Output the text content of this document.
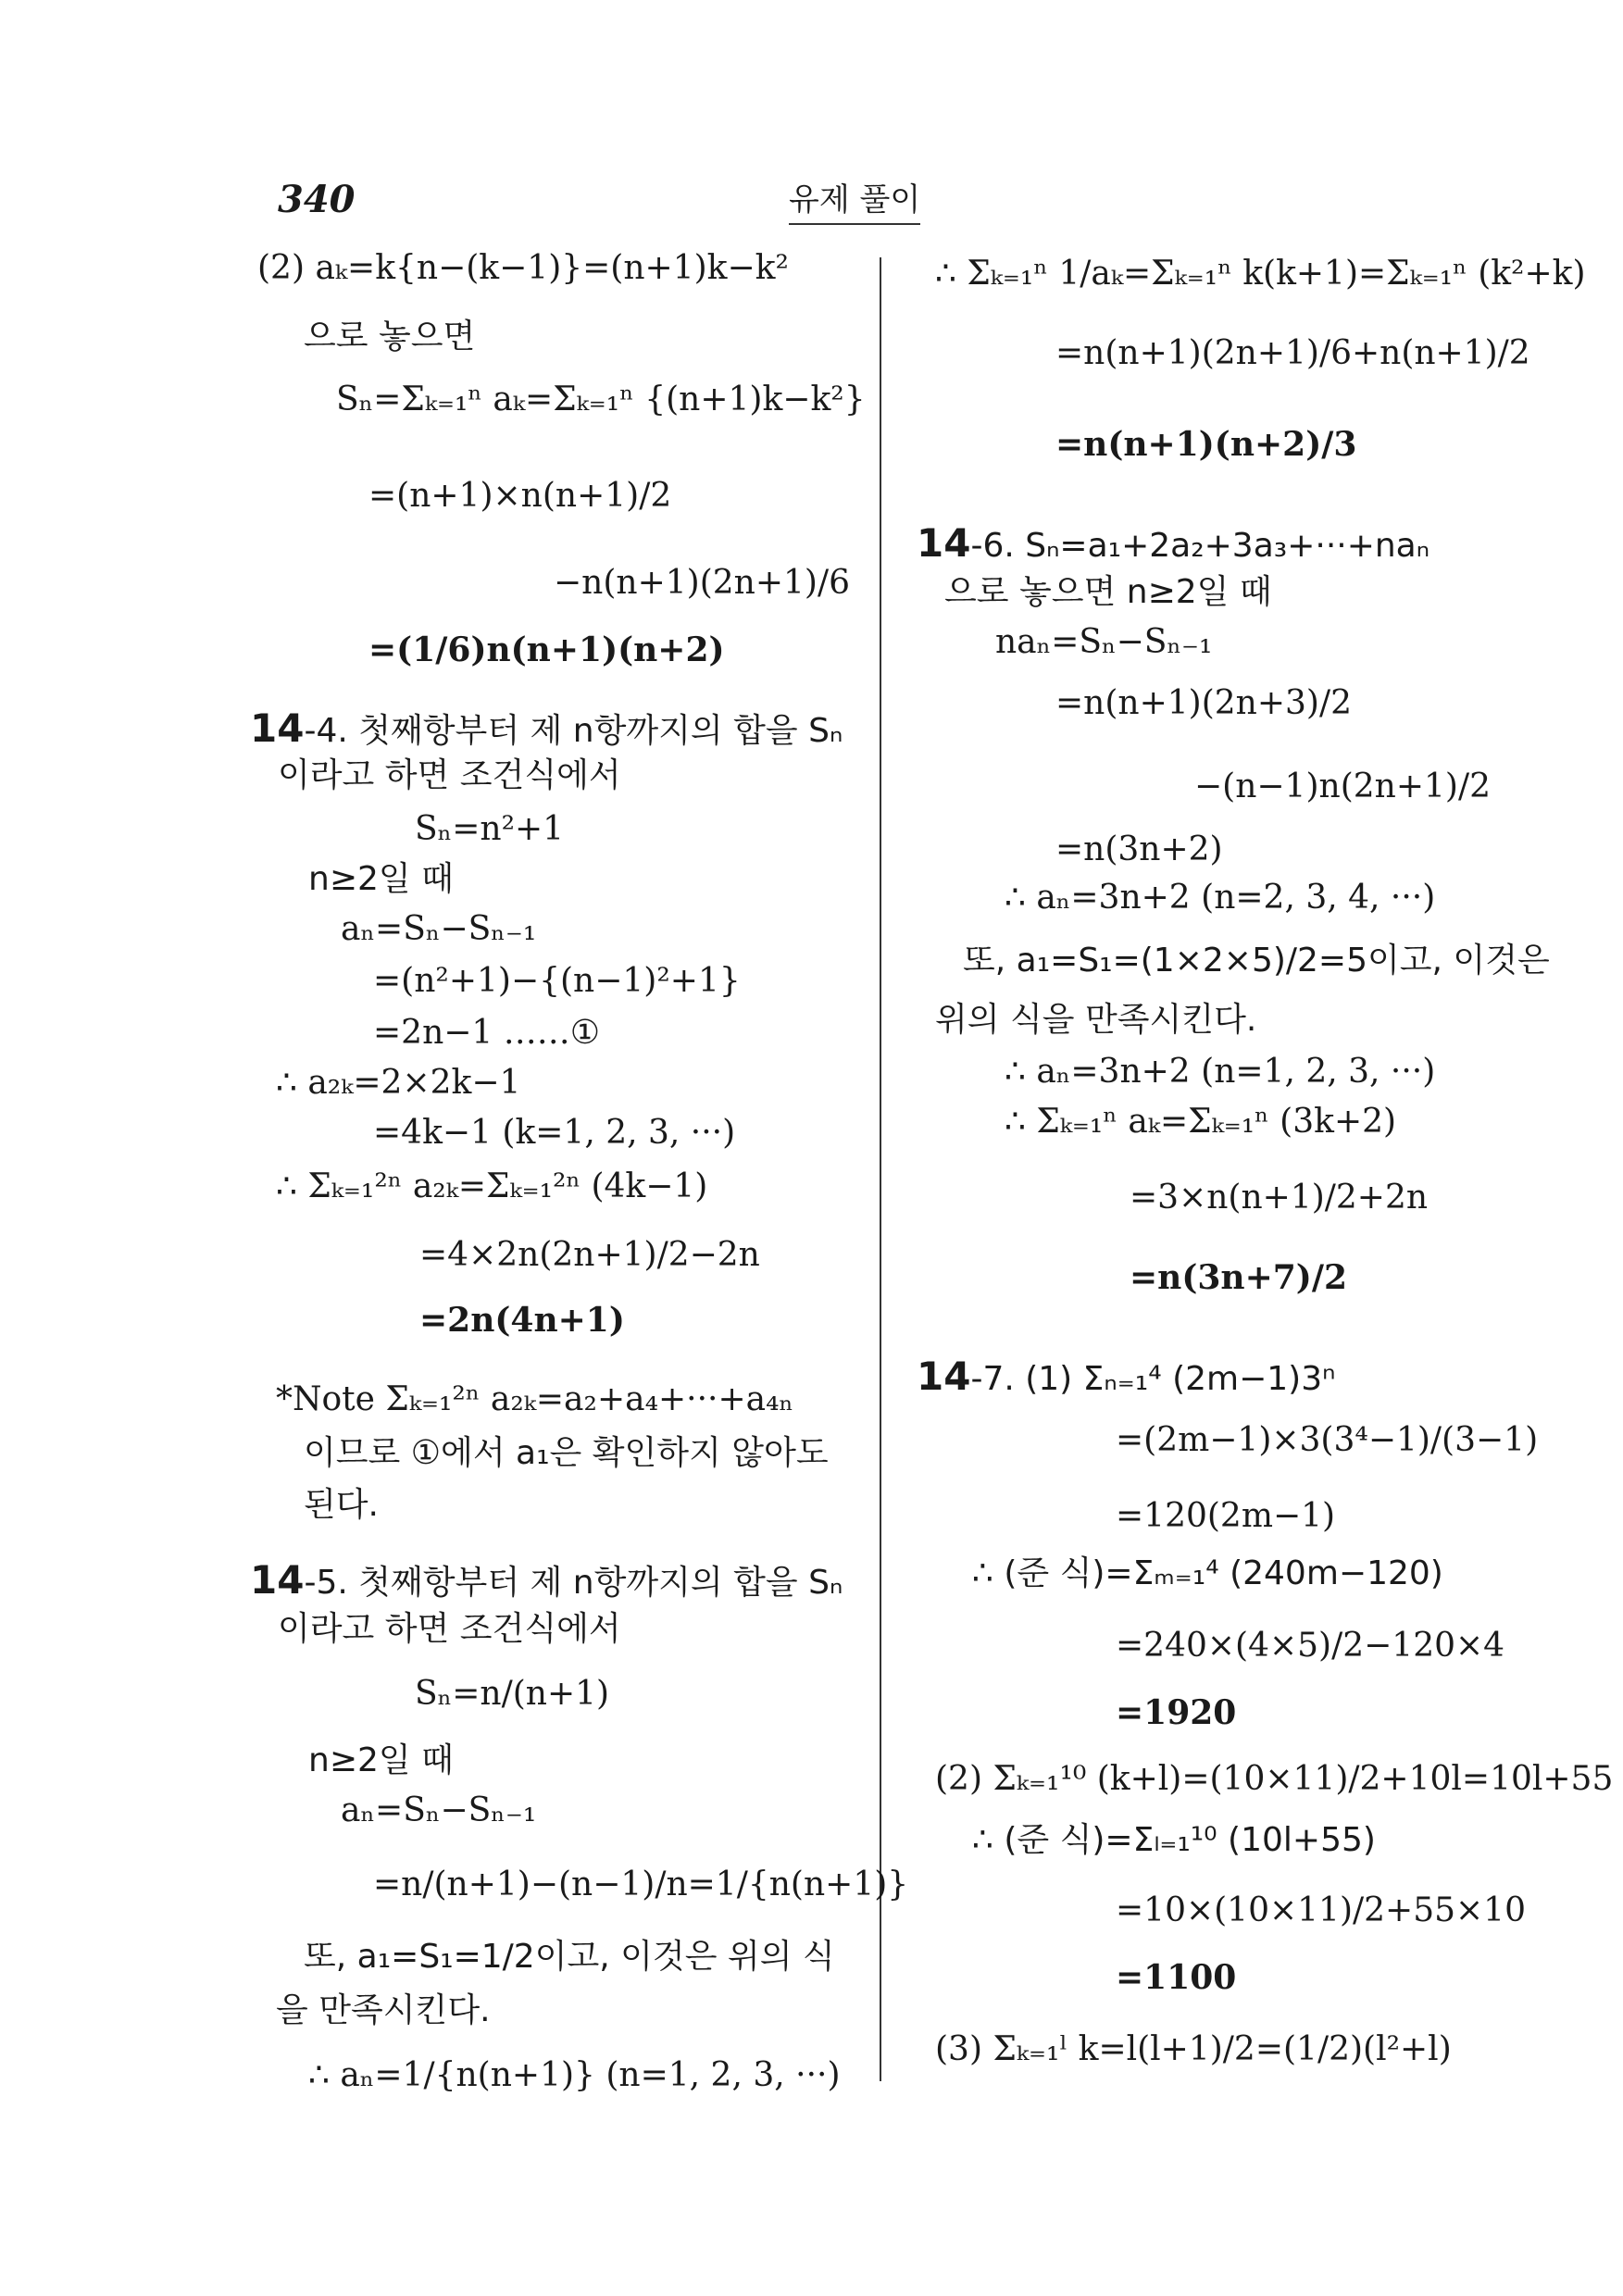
340	유제 풀이
(2) aₖ=k{n−(k−1)}=(n+1)k−k²
으로 놓으면
Sₙ=Σₖ₌₁ⁿ aₖ=Σₖ₌₁ⁿ {(n+1)k−k²}
=(n+1)×n(n+1)/2
−n(n+1)(2n+1)/6
=(1/6)n(n+1)(n+2)
14-4. 첫째항부터 제 n항까지의 합을 Sₙ
이라고 하면 조건식에서
Sₙ=n²+1
n≥2일 때
aₙ=Sₙ−Sₙ₋₁
=(n²+1)−{(n−1)²+1}
=2n−1 ……①
∴ a₂ₖ=2×2k−1
=4k−1 (k=1, 2, 3, ···)
∴ Σₖ₌₁²ⁿ a₂ₖ=Σₖ₌₁²ⁿ (4k−1)
=4×2n(2n+1)/2−2n
=2n(4n+1)
*Note Σₖ₌₁²ⁿ a₂ₖ=a₂+a₄+···+a₄ₙ
이므로 ①에서 a₁은 확인하지 않아도
된다.
14-5. 첫째항부터 제 n항까지의 합을 Sₙ
이라고 하면 조건식에서
Sₙ=n/(n+1)
n≥2일 때
aₙ=Sₙ−Sₙ₋₁
=n/(n+1)−(n−1)/n=1/{n(n+1)}
또, a₁=S₁=1/2이고, 이것은 위의 식
을 만족시킨다.
∴ aₙ=1/{n(n+1)} (n=1, 2, 3, ···)
∴ Σₖ₌₁ⁿ 1/aₖ=Σₖ₌₁ⁿ k(k+1)=Σₖ₌₁ⁿ (k²+k)
=n(n+1)(2n+1)/6+n(n+1)/2
=n(n+1)(n+2)/3
14-6. Sₙ=a₁+2a₂+3a₃+···+naₙ
으로 놓으면 n≥2일 때
naₙ=Sₙ−Sₙ₋₁
=n(n+1)(2n+3)/2
−(n−1)n(2n+1)/2
=n(3n+2)
∴ aₙ=3n+2 (n=2, 3, 4, ···)
또, a₁=S₁=(1×2×5)/2=5이고, 이것은
위의 식을 만족시킨다.
∴ aₙ=3n+2 (n=1, 2, 3, ···)
∴ Σₖ₌₁ⁿ aₖ=Σₖ₌₁ⁿ (3k+2)
=3×n(n+1)/2+2n
=n(3n+7)/2
14-7. (1) Σₙ₌₁⁴ (2m−1)3ⁿ
=(2m−1)×3(3⁴−1)/(3−1)
=120(2m−1)
∴ (준 식)=Σₘ₌₁⁴ (240m−120)
=240×(4×5)/2−120×4
=1920
(2) Σₖ₌₁¹⁰ (k+l)=(10×11)/2+10l=10l+55
∴ (준 식)=Σₗ₌₁¹⁰ (10l+55)
=10×(10×11)/2+55×10
=1100
(3) Σₖ₌₁ˡ k=l(l+1)/2=(1/2)(l²+l)
